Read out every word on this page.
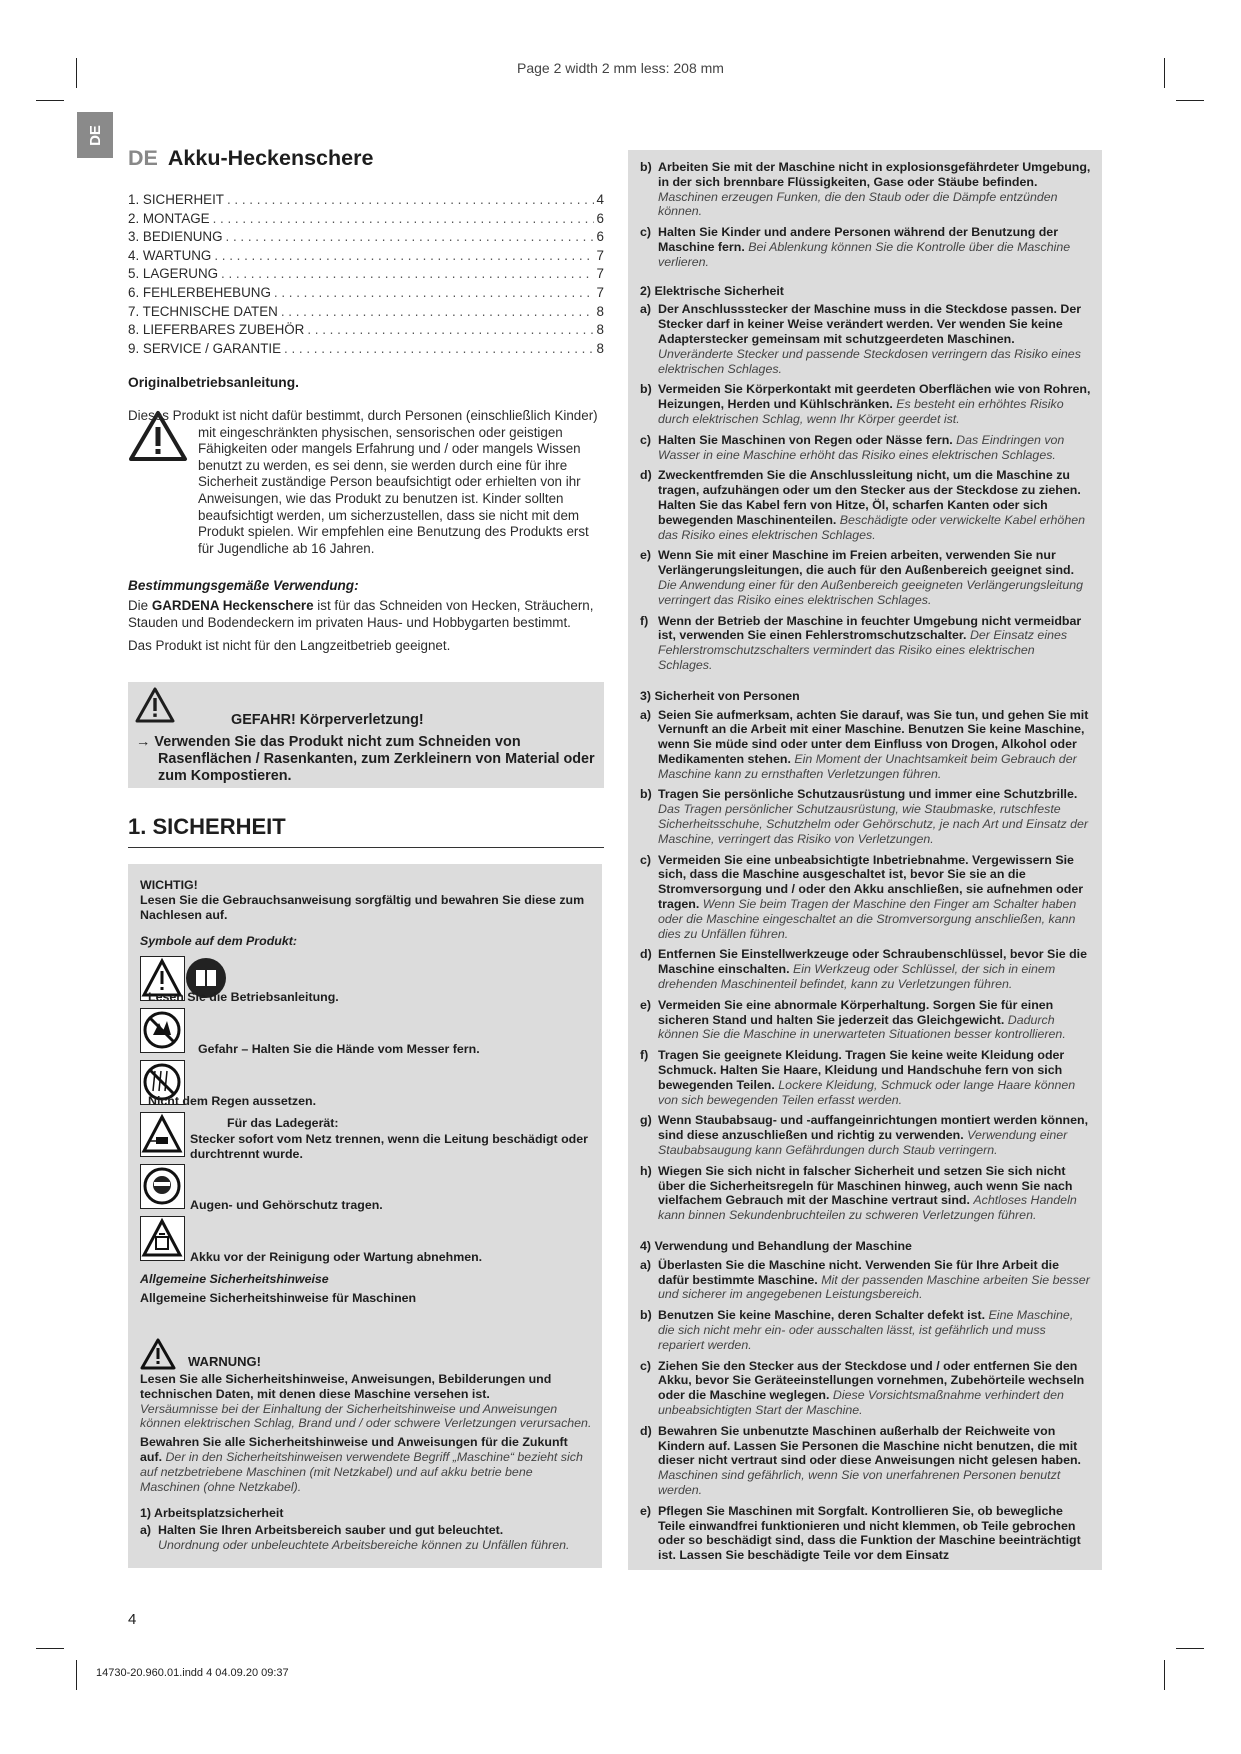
Page 2 width 2 mm less: 208 mm
DE
DE Akku-Heckenschere
1. SICHERHEIT . . .	4
2. MONTAGE . . .	6
3. BEDIENUNG . . .	6
4. WARTUNG . . .	7
5. LAGERUNG . . .	7
6. FEHLERBEHEBUNG . . .	7
7. TECHNISCHE DATEN . . .	8
8. LIEFERBARES ZUBEHÖR . . .	8
9. SERVICE / GARANTIE . . .	8
Originalbetriebsanleitung.
Dieses Produkt ist nicht dafür bestimmt, durch Personen (einschließlich Kinder) mit eingeschränkten physischen, sensorischen oder geistigen Fähigkeiten oder mangels Erfahrung und / oder mangels Wissen benutzt zu werden, es sei denn, sie werden durch eine für ihre Sicherheit zuständige Person beaufsichtigt oder erhielten von ihr Anweisungen, wie das Produkt zu benutzen ist. Kinder sollten beaufsichtigt werden, um sicherzustellen, dass sie nicht mit dem Produkt spielen. Wir empfehlen eine Benutzung des Produkts erst für Jugendliche ab 16 Jahren.
Bestimmungsgemäße Verwendung:
Die GARDENA Heckenschere ist für das Schneiden von Hecken, Sträuchern, Stauden und Bodendeckern im privaten Haus- und Hobbygarten bestimmt.
Das Produkt ist nicht für den Langzeitbetrieb geeignet.
GEFAHR! Körperverletzung!
→ Verwenden Sie das Produkt nicht zum Schneiden von Rasenflächen / Rasenkanten, zum Zerkleinern von Material oder zum Kompostieren.
1. SICHERHEIT
WICHTIG!
Lesen Sie die Gebrauchsanweisung sorgfältig und bewahren Sie diese zum Nachlesen auf.
Symbole auf dem Produkt:
Lesen Sie die Betriebsanleitung.
Gefahr – Halten Sie die Hände vom Messer fern.
Nicht dem Regen aussetzen.
Für das Ladegerät:
Stecker sofort vom Netz trennen, wenn die Leitung beschädigt oder durchtrennt wurde.
Augen- und Gehörschutz tragen.
Akku vor der Reinigung oder Wartung abnehmen.
Allgemeine Sicherheitshinweise
Allgemeine Sicherheitshinweise für Maschinen
WARNUNG!
Lesen Sie alle Sicherheitshinweise, Anweisungen, Bebilderungen und technischen Daten, mit denen diese Maschine versehen ist.
Versäumnisse bei der Einhaltung der Sicherheitshinweise und Anweisungen können elektrischen Schlag, Brand und / oder schwere Verletzungen verursachen.
Bewahren Sie alle Sicherheitshinweise und Anweisungen für die Zukunft auf. Der in den Sicherheitshinweisen verwendete Begriff „Maschine“ bezieht sich auf netzbetriebene Maschinen (mit Netzkabel) und auf akku betrie bene Maschinen (ohne Netzkabel).
1) Arbeitsplatzsicherheit
a) Halten Sie Ihren Arbeitsbereich sauber und gut beleuchtet.
Unordnung oder unbeleuchtete Arbeitsbereiche können zu Unfällen führen.
b) Arbeiten Sie mit der Maschine nicht in explosionsgefährdeter Umgebung, in der sich brennbare Flüssigkeiten, Gase oder Stäube befinden. Maschinen erzeugen Funken, die den Staub oder die Dämpfe entzünden können.
c) Halten Sie Kinder und andere Personen während der Benutzung der Maschine fern. Bei Ablenkung können Sie die Kontrolle über die Maschine verlieren.
2) Elektrische Sicherheit
a) Der Anschlussstecker der Maschine muss in die Steckdose passen. Der Stecker darf in keiner Weise verändert werden. Ver wenden Sie keine Adapterstecker gemeinsam mit schutzgeerdeten Maschinen. Unveränderte Stecker und passende Steckdosen verringern das Risiko eines elektrischen Schlages.
b) Vermeiden Sie Körperkontakt mit geerdeten Oberflächen wie von Rohren, Heizungen, Herden und Kühlschränken. Es besteht ein erhöhtes Risiko durch elektrischen Schlag, wenn Ihr Körper geerdet ist.
c) Halten Sie Maschinen von Regen oder Nässe fern. Das Eindringen von Wasser in eine Maschine erhöht das Risiko eines elektrischen Schlages.
d) Zweckentfremden Sie die Anschlussleitung nicht, um die Maschine zu tragen, aufzuhängen oder um den Stecker aus der Steckdose zu ziehen. Halten Sie das Kabel fern von Hitze, Öl, scharfen Kanten oder sich bewegenden Maschinenteilen. Beschädigte oder verwickelte Kabel erhöhen das Risiko eines elektrischen Schlages.
e) Wenn Sie mit einer Maschine im Freien arbeiten, verwenden Sie nur Verlängerungsleitungen, die auch für den Außenbereich geeignet sind. Die Anwendung einer für den Außenbereich geeigneten Verlängerungsleitung verringert das Risiko eines elektrischen Schlages.
f) Wenn der Betrieb der Maschine in feuchter Umgebung nicht vermeidbar ist, verwenden Sie einen Fehlerstromschutzschalter. Der Einsatz eines Fehlerstromschutzschalters vermindert das Risiko eines elektrischen Schlages.
3) Sicherheit von Personen
a) Seien Sie aufmerksam, achten Sie darauf, was Sie tun, und gehen Sie mit Vernunft an die Arbeit mit einer Maschine. Benutzen Sie keine Maschine, wenn Sie müde sind oder unter dem Einfluss von Drogen, Alkohol oder Medikamenten stehen. Ein Moment der Unachtsamkeit beim Gebrauch der Maschine kann zu ernsthaften Verletzungen führen.
b) Tragen Sie persönliche Schutzausrüstung und immer eine Schutzbrille. Das Tragen persönlicher Schutzausrüstung, wie Staubmaske, rutschfeste Sicherheitsschuhe, Schutzhelm oder Gehörschutz, je nach Art und Einsatz der Maschine, verringert das Risiko von Verletzungen.
c) Vermeiden Sie eine unbeabsichtigte Inbetriebnahme. Vergewissern Sie sich, dass die Maschine ausgeschaltet ist, bevor Sie sie an die Stromversorgung und / oder den Akku anschließen, sie aufnehmen oder tragen. Wenn Sie beim Tragen der Maschine den Finger am Schalter haben oder die Maschine eingeschaltet an die Stromversorgung anschließen, kann dies zu Unfällen führen.
d) Entfernen Sie Einstellwerkzeuge oder Schraubenschlüssel, bevor Sie die Maschine einschalten. Ein Werkzeug oder Schlüssel, der sich in einem drehenden Maschinenteil befindet, kann zu Verletzungen führen.
e) Vermeiden Sie eine abnormale Körperhaltung. Sorgen Sie für einen sicheren Stand und halten Sie jederzeit das Gleichgewicht. Dadurch können Sie die Maschine in unerwarteten Situationen besser kontrollieren.
f) Tragen Sie geeignete Kleidung. Tragen Sie keine weite Kleidung oder Schmuck. Halten Sie Haare, Kleidung und Handschuhe fern von sich bewegenden Teilen. Lockere Kleidung, Schmuck oder lange Haare können von sich bewegenden Teilen erfasst werden.
g) Wenn Staubabsaug- und -auffangeinrichtungen montiert werden können, sind diese anzuschließen und richtig zu verwenden. Verwendung einer Staubabsaugung kann Gefährdungen durch Staub verringern.
h) Wiegen Sie sich nicht in falscher Sicherheit und setzen Sie sich nicht über die Sicherheitsregeln für Maschinen hinweg, auch wenn Sie nach vielfachem Gebrauch mit der Maschine vertraut sind. Achtloses Handeln kann binnen Sekundenbruchteilen zu schweren Verletzungen führen.
4) Verwendung und Behandlung der Maschine
a) Überlasten Sie die Maschine nicht. Verwenden Sie für Ihre Arbeit die dafür bestimmte Maschine. Mit der passenden Maschine arbeiten Sie besser und sicherer im angegebenen Leistungsbereich.
b) Benutzen Sie keine Maschine, deren Schalter defekt ist. Eine Maschine, die sich nicht mehr ein- oder ausschalten lässt, ist gefährlich und muss repariert werden.
c) Ziehen Sie den Stecker aus der Steckdose und / oder entfernen Sie den Akku, bevor Sie Geräteeinstellungen vornehmen, Zubehörteile wechseln oder die Maschine weglegen. Diese Vorsichtsmaßnahme verhindert den unbeabsichtigten Start der Maschine.
d) Bewahren Sie unbenutzte Maschinen außerhalb der Reichweite von Kindern auf. Lassen Sie Personen die Maschine nicht benutzen, die mit dieser nicht vertraut sind oder diese Anweisungen nicht gelesen haben. Maschinen sind gefährlich, wenn Sie von unerfahrenen Personen benutzt werden.
e) Pflegen Sie Maschinen mit Sorgfalt. Kontrollieren Sie, ob bewegliche Teile einwandfrei funktionieren und nicht klemmen, ob Teile gebrochen oder so beschädigt sind, dass die Funktion der Maschine beeinträchtigt ist. Lassen Sie beschädigte Teile vor dem Einsatz
4
14730-20.960.01.indd 4 04.09.20 09:37
